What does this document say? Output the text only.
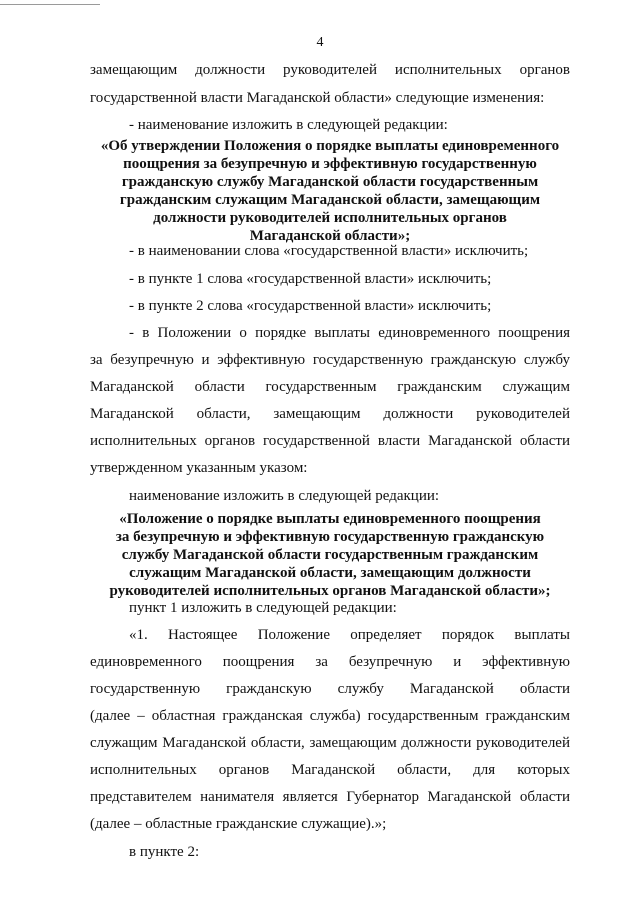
4

замещающим должности руководителей исполнительных органов

государственной власти Магаданской области» следующие изменения:

- наименование изложить в следующей редакции:

«Об утверждении Положения о порядке выплаты единовременного

поощрения за безупречную и эффективную государственную

гражданскую службу Магаданской области государственным

гражданским служащим Магаданской области, замещающим

должности руководителей исполнительных органов

Магаданской области»;

- в наименовании слова «государственной власти» исключить;

- в пункте 1 слова «государственной власти» исключить;

- в пункте 2 слова «государственной власти» исключить;

- в Положении о порядке выплаты единовременного поощрения

за безупречную и эффективную государственную гражданскую службу

Магаданской области государственным гражданским служащим

Магаданской области, замещающим должности руководителей

исполнительных органов государственной власти Магаданской области

утвержденном указанным указом:

наименование изложить в следующей редакции:

«Положение о порядке выплаты единовременного поощрения

за безупречную и эффективную государственную гражданскую

службу Магаданской области государственным гражданским

служащим Магаданской области, замещающим должности

руководителей исполнительных органов Магаданской области»;

пункт 1 изложить в следующей редакции:

«1. Настоящее Положение определяет порядок выплаты

единовременного поощрения за безупречную и эффективную

государственную гражданскую службу Магаданской области

(далее – областная гражданская служба) государственным гражданским

служащим Магаданской области, замещающим должности руководителей

исполнительных органов Магаданской области, для которых

представителем нанимателя является Губернатор Магаданской области

(далее – областные гражданские служащие).»;

в пункте 2:
